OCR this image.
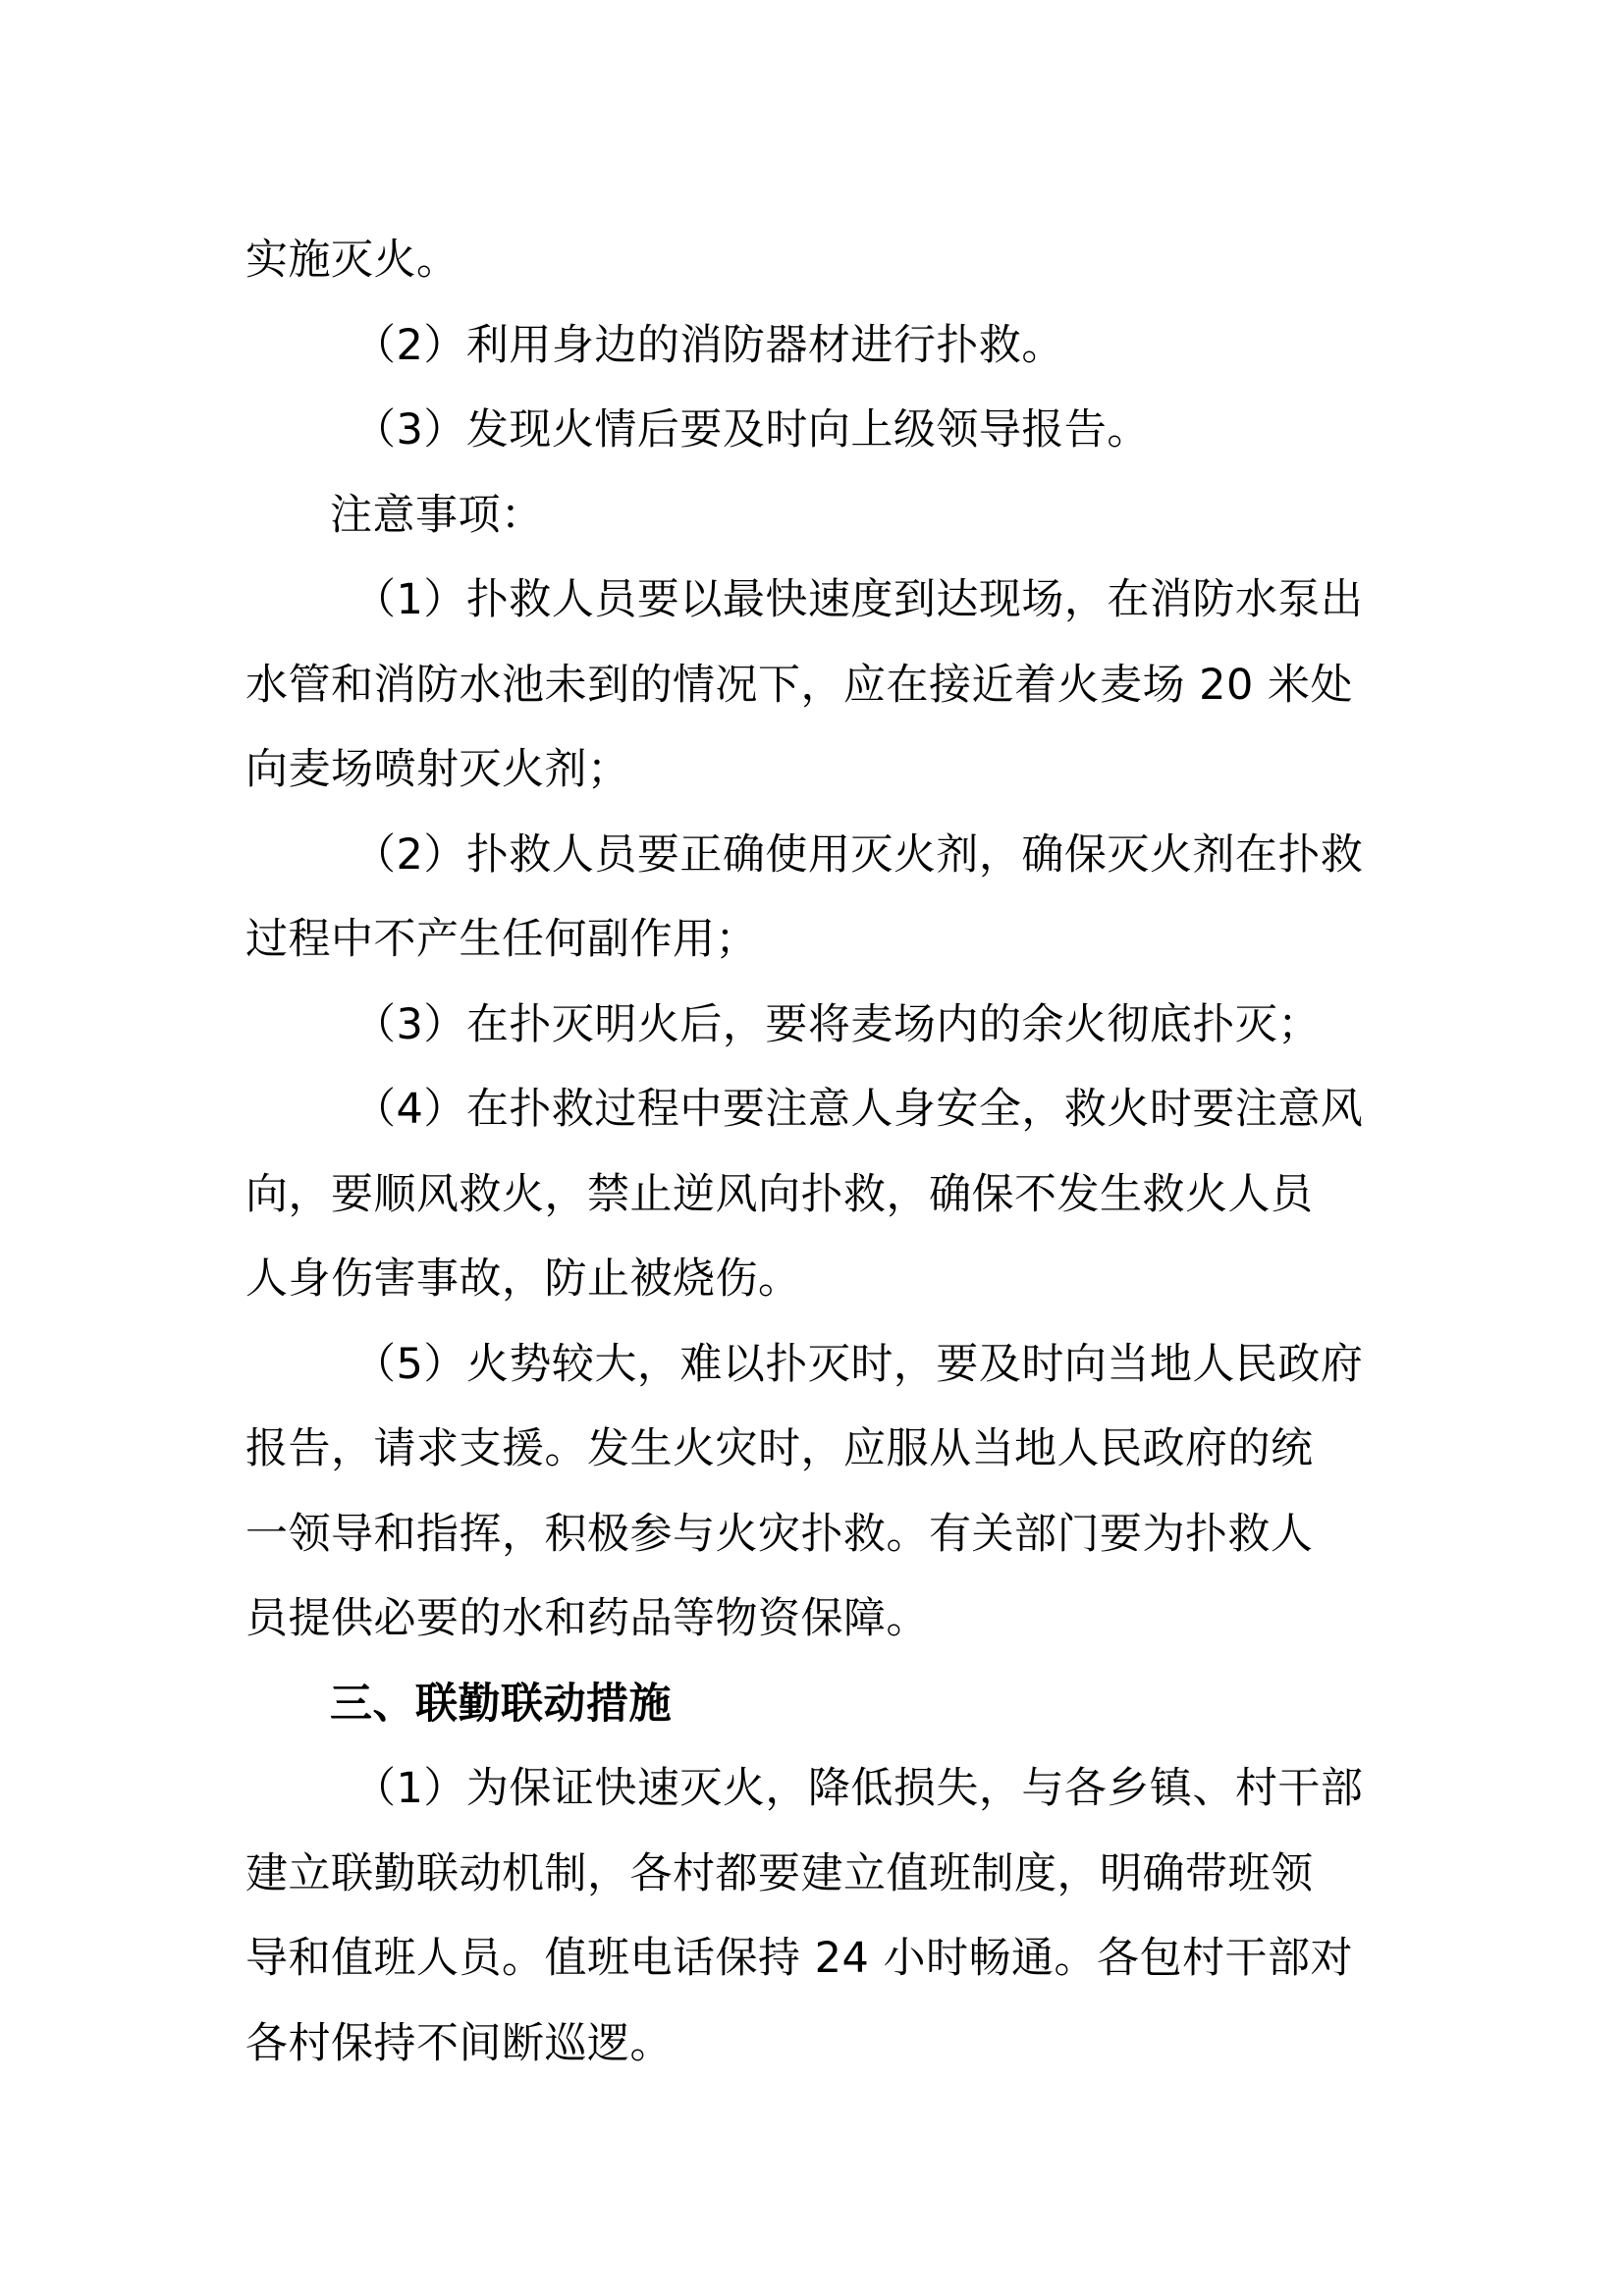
实施灭火。
（2）利用身边的消防器材进行扑救。
（3）发现火情后要及时向上级领导报告。
注意事项：
（1）扑救人员要以最快速度到达现场，在消防水泵出
水管和消防水池未到的情况下，应在接近着火麦场 20 米处
向麦场喷射灭火剂；
（2）扑救人员要正确使用灭火剂，确保灭火剂在扑救
过程中不产生任何副作用；
（3）在扑灭明火后，要将麦场内的余火彻底扑灭；
（4）在扑救过程中要注意人身安全，救火时要注意风
向，要顺风救火，禁止逆风向扑救，确保不发生救火人员
人身伤害事故，防止被烧伤。
（5）火势较大，难以扑灭时，要及时向当地人民政府
报告，请求支援。发生火灾时，应服从当地人民政府的统
一领导和指挥，积极参与火灾扑救。有关部门要为扑救人
员提供必要的水和药品等物资保障。
三、联勤联动措施
（1）为保证快速灭火，降低损失，与各乡镇、村干部
建立联勤联动机制，各村都要建立值班制度，明确带班领
导和值班人员。值班电话保持 24 小时畅通。各包村干部对
各村保持不间断巡逻。
